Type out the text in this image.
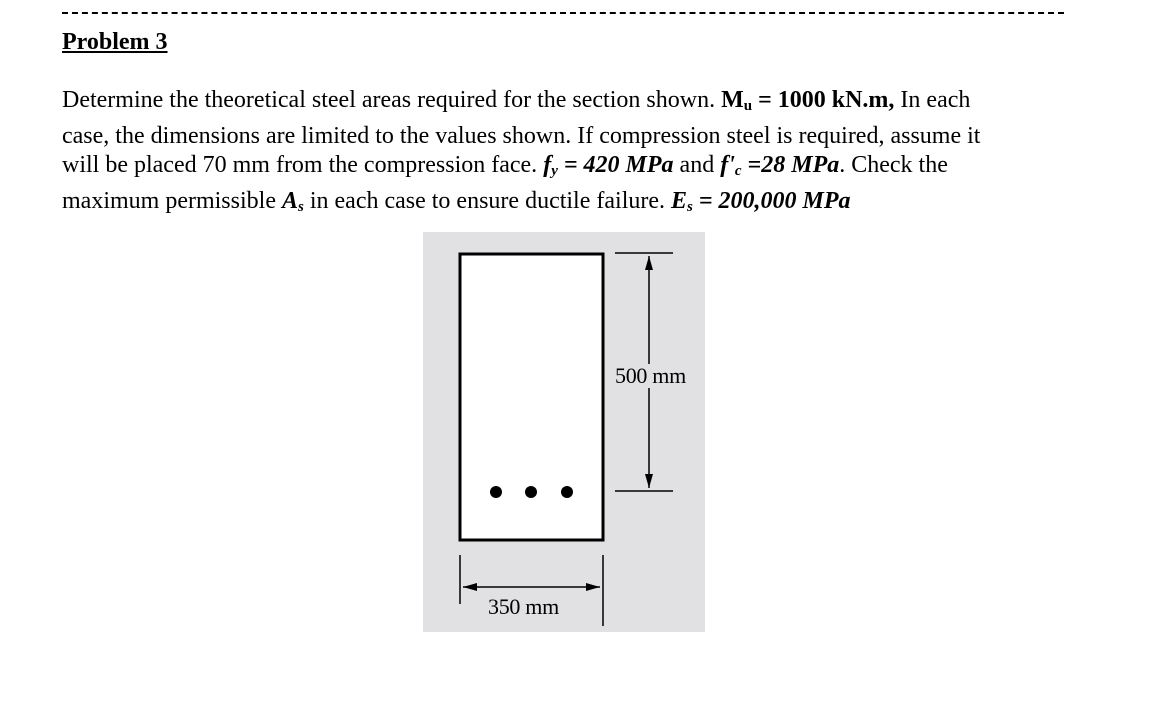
Problem 3
Determine the theoretical steel areas required for the section shown. $M_u = 1000$ kN.m, In each
case, the dimensions are limited to the values shown. If compression steel is required, assume it
will be placed 70 mm from the compression face. $f_y = 420$ MPa and $f'_c =28$ MPa. Check the
maximum permissible $A_s$ in each case to ensure ductile failure. $E_s = 200,000$ MPa
500 mm
350 mm
